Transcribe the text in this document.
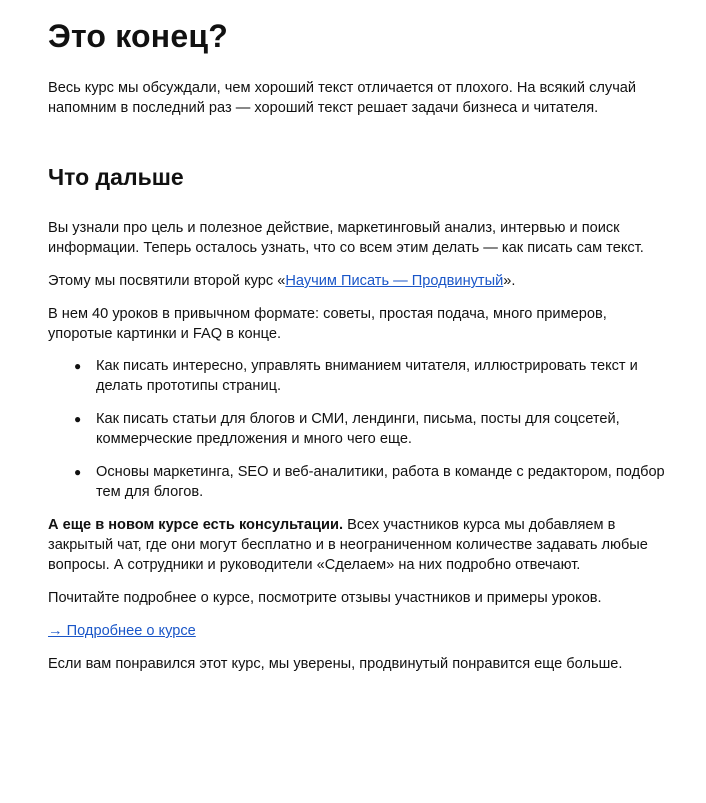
Это конец?

Весь курс мы обсуждали, чем хороший текст отличается от плохого. На всякий случай напомним в последний раз — хороший текст решает задачи бизнеса и читателя.

Что дальше

Вы узнали про цель и полезное действие, маркетинговый анализ, интервью и поиск информации. Теперь осталось узнать, что со всем этим делать — как писать сам текст.

Этому мы посвятили второй курс «Научим Писать — Продвинутый».

В нем 40 уроков в привычном формате: советы, простая подача, много примеров, упоротые картинки и FAQ в конце.

● Как писать интересно, управлять вниманием читателя, иллюстрировать текст и делать прототипы страниц.
● Как писать статьи для блогов и СМИ, лендинги, письма, посты для соцсетей, коммерческие предложения и много чего еще.
● Основы маркетинга, SEO и веб-аналитики, работа в команде с редактором, подбор тем для блогов.

А еще в новом курсе есть консультации. Всех участников курса мы добавляем в закрытый чат, где они могут бесплатно и в неограниченном количестве задавать любые вопросы. А сотрудники и руководители «Сделаем» на них подробно отвечают.

Почитайте подробнее о курсе, посмотрите отзывы участников и примеры уроков.

→ Подробнее о курсе

Если вам понравился этот курс, мы уверены, продвинутый понравится еще больше.
